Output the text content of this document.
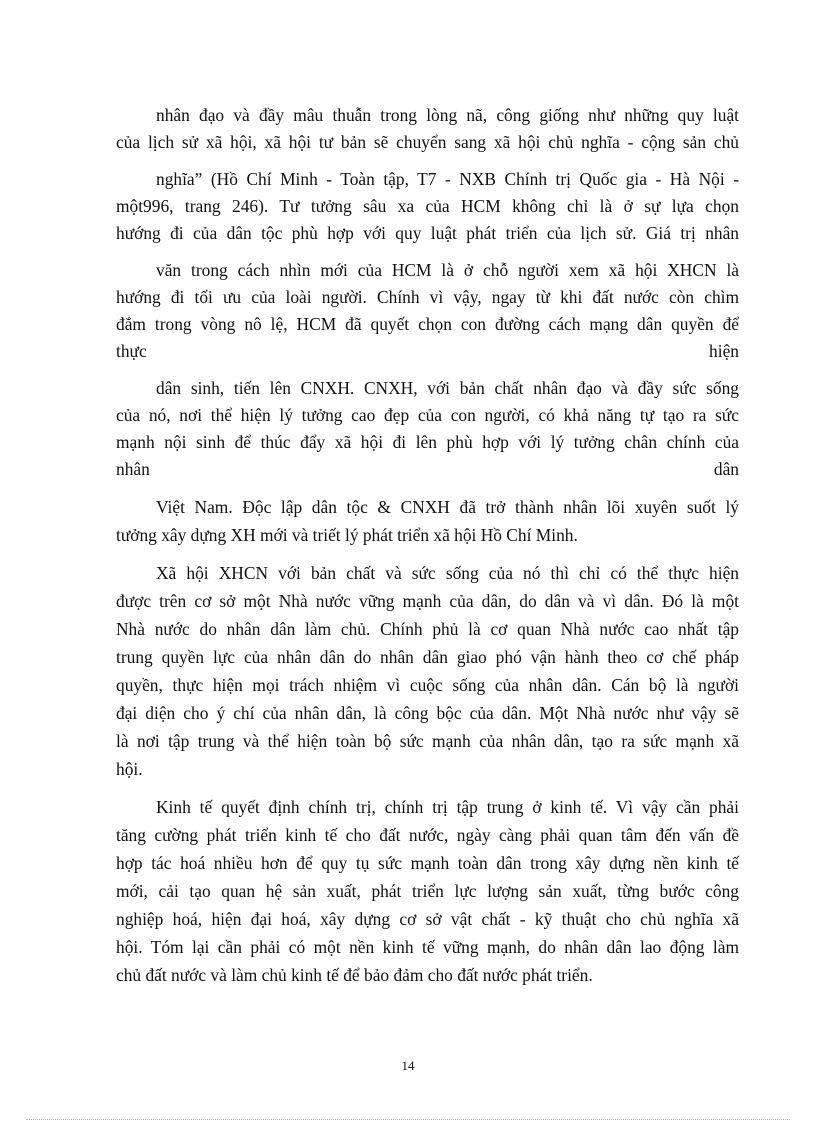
nhân đạo và đầy mâu thuẫn trong lòng nã, công giống như những quy luật
của lịch sử xã hội, xã hội tư bản sẽ chuyển sang xã hội chủ nghĩa - cộng sản chủ
nghĩa” (Hồ Chí Minh - Toàn tập, T7 - NXB Chính trị Quốc gia - Hà Nội -
một996, trang 246). Tư tưởng sâu xa của HCM không chỉ là ở sự lựa chọn
hướng đi của dân tộc phù hợp với quy luật phát triển của lịch sử. Giá trị nhân
văn trong cách nhìn mới của HCM là ở chỗ người xem xã hội XHCN là
hướng đi tối ưu của loài người. Chính vì vậy, ngay từ khi đất nước còn chìm
đắm trong vòng nô lệ, HCM đã quyết chọn con đường cách mạng dân quyền để
thực hiện
dân sinh, tiến lên CNXH. CNXH, với bản chất nhân đạo và đầy sức sống
của nó, nơi thể hiện lý tưởng cao đẹp của con người, có khả năng tự tạo ra sức
mạnh nội sinh để thúc đẩy xã hội đi lên phù hợp với lý tưởng chân chính của
nhân dân
Việt Nam. Độc lập dân tộc & CNXH đã trở thành nhân lõi xuyên suốt lý
tưởng xây dựng XH mới và triết lý phát triển xã hội Hồ Chí Minh.
Xã hội XHCN với bản chất và sức sống của nó thì chỉ có thể thực hiện
được trên cơ sở một Nhà nước vững mạnh của dân, do dân và vì dân. Đó là một
Nhà nước do nhân dân làm chủ. Chính phủ là cơ quan Nhà nước cao nhất tập
trung quyền lực của nhân dân do nhân dân giao phó vận hành theo cơ chế pháp
quyền, thực hiện mọi trách nhiệm vì cuộc sống của nhân dân. Cán bộ là người
đại diện cho ý chí của nhân dân, là công bộc của dân. Một Nhà nước như vậy sẽ
là nơi tập trung và thể hiện toàn bộ sức mạnh của nhân dân, tạo ra sức mạnh xã
hội.
Kinh tế quyết định chính trị, chính trị tập trung ở kinh tế. Vì vậy cần phải
tăng cường phát triển kinh tế cho đất nước, ngày càng phải quan tâm đến vấn đề
hợp tác hoá nhiều hơn để quy tụ sức mạnh toàn dân trong xây dựng nền kinh tế
mới, cải tạo quan hệ sản xuất, phát triển lực lượng sản xuất, từng bước công
nghiệp hoá, hiện đại hoá, xây dựng cơ sở vật chất - kỹ thuật cho chủ nghĩa xã
hội. Tóm lại cần phải có một nền kinh tế vững mạnh, do nhân dân lao động làm
chủ đất nước và làm chủ kinh tế để bảo đảm cho đất nước phát triển.
14
